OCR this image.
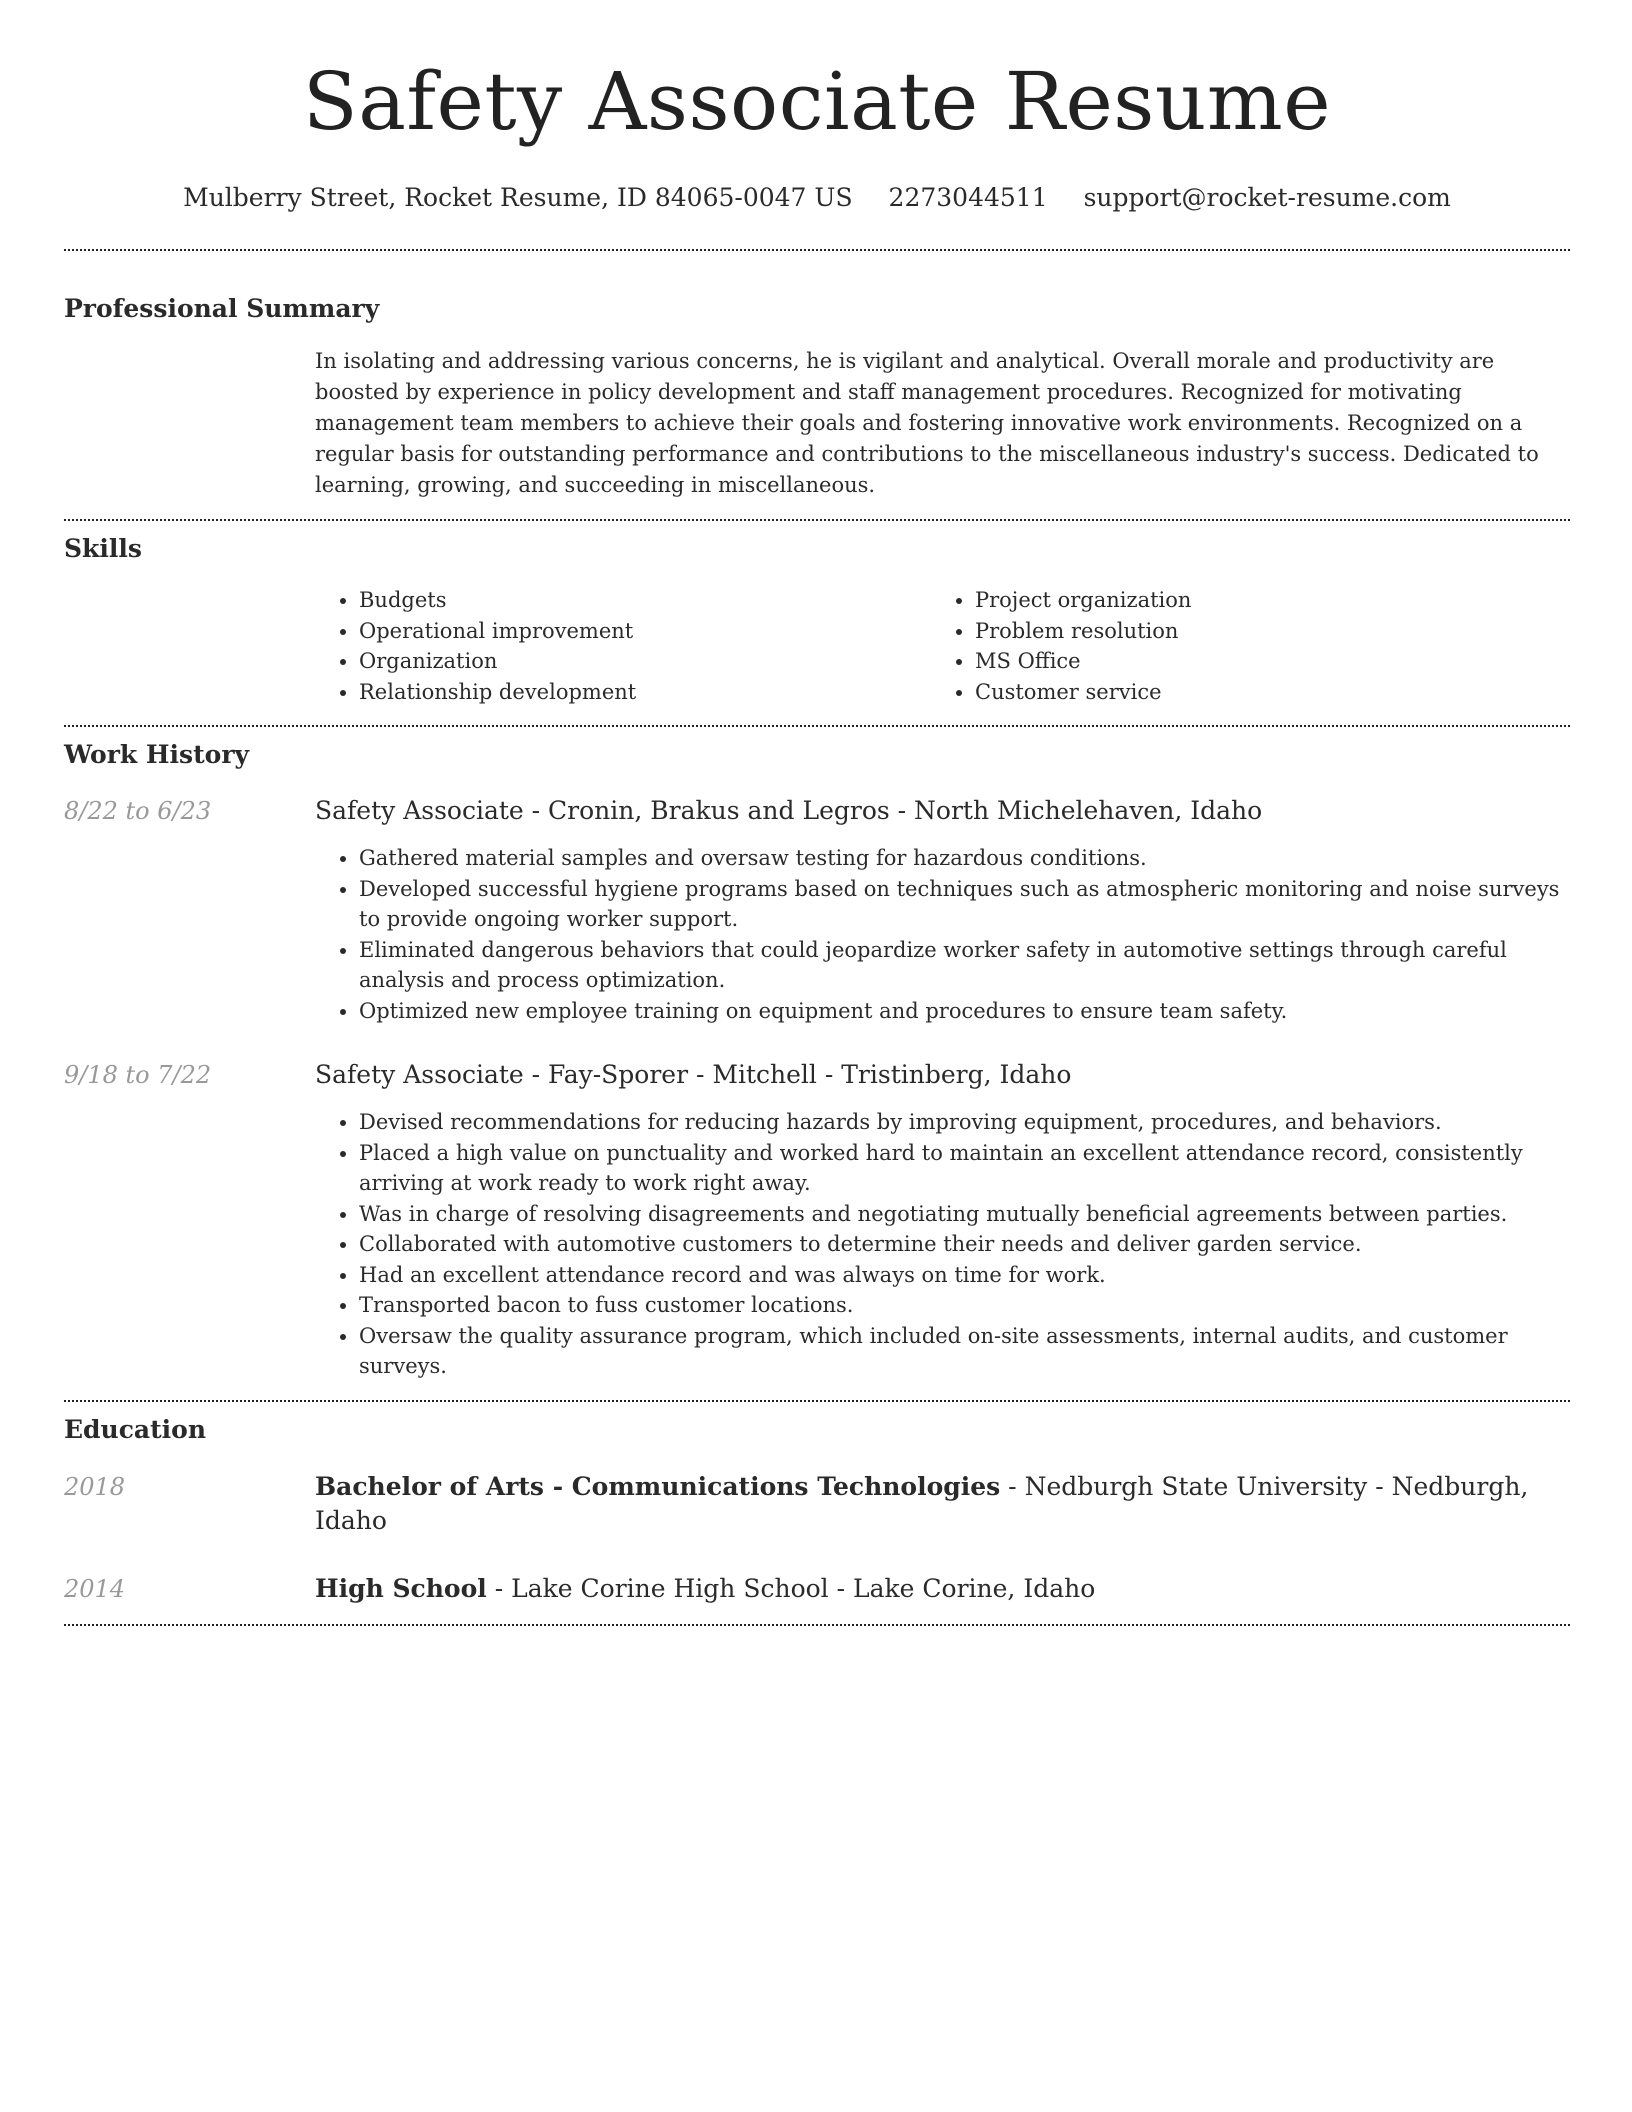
Safety Associate Resume
Mulberry Street, Rocket Resume, ID 84065-0047 US 2273044511 support@rocket-resume.com
Professional Summary
In isolating and addressing various concerns, he is vigilant and analytical. Overall morale and productivity are boosted by experience in policy development and staff management procedures. Recognized for motivating management team members to achieve their goals and fostering innovative work environments. Recognized on a regular basis for outstanding performance and contributions to the miscellaneous industry's success. Dedicated to learning, growing, and succeeding in miscellaneous.
Skills
• Budgets
• Operational improvement
• Organization
• Relationship development
• Project organization
• Problem resolution
• MS Office
• Customer service
Work History
8/22 to 6/23	Safety Associate - Cronin, Brakus and Legros - North Michelehaven, Idaho
• Gathered material samples and oversaw testing for hazardous conditions.
• Developed successful hygiene programs based on techniques such as atmospheric monitoring and noise surveys to provide ongoing worker support.
• Eliminated dangerous behaviors that could jeopardize worker safety in automotive settings through careful analysis and process optimization.
• Optimized new employee training on equipment and procedures to ensure team safety.
9/18 to 7/22	Safety Associate - Fay-Sporer - Mitchell - Tristinberg, Idaho
• Devised recommendations for reducing hazards by improving equipment, procedures, and behaviors.
• Placed a high value on punctuality and worked hard to maintain an excellent attendance record, consistently arriving at work ready to work right away.
• Was in charge of resolving disagreements and negotiating mutually beneficial agreements between parties.
• Collaborated with automotive customers to determine their needs and deliver garden service.
• Had an excellent attendance record and was always on time for work.
• Transported bacon to fuss customer locations.
• Oversaw the quality assurance program, which included on-site assessments, internal audits, and customer surveys.
Education
2018	Bachelor of Arts - Communications Technologies - Nedburgh State University - Nedburgh, Idaho
2014	High School - Lake Corine High School - Lake Corine, Idaho
